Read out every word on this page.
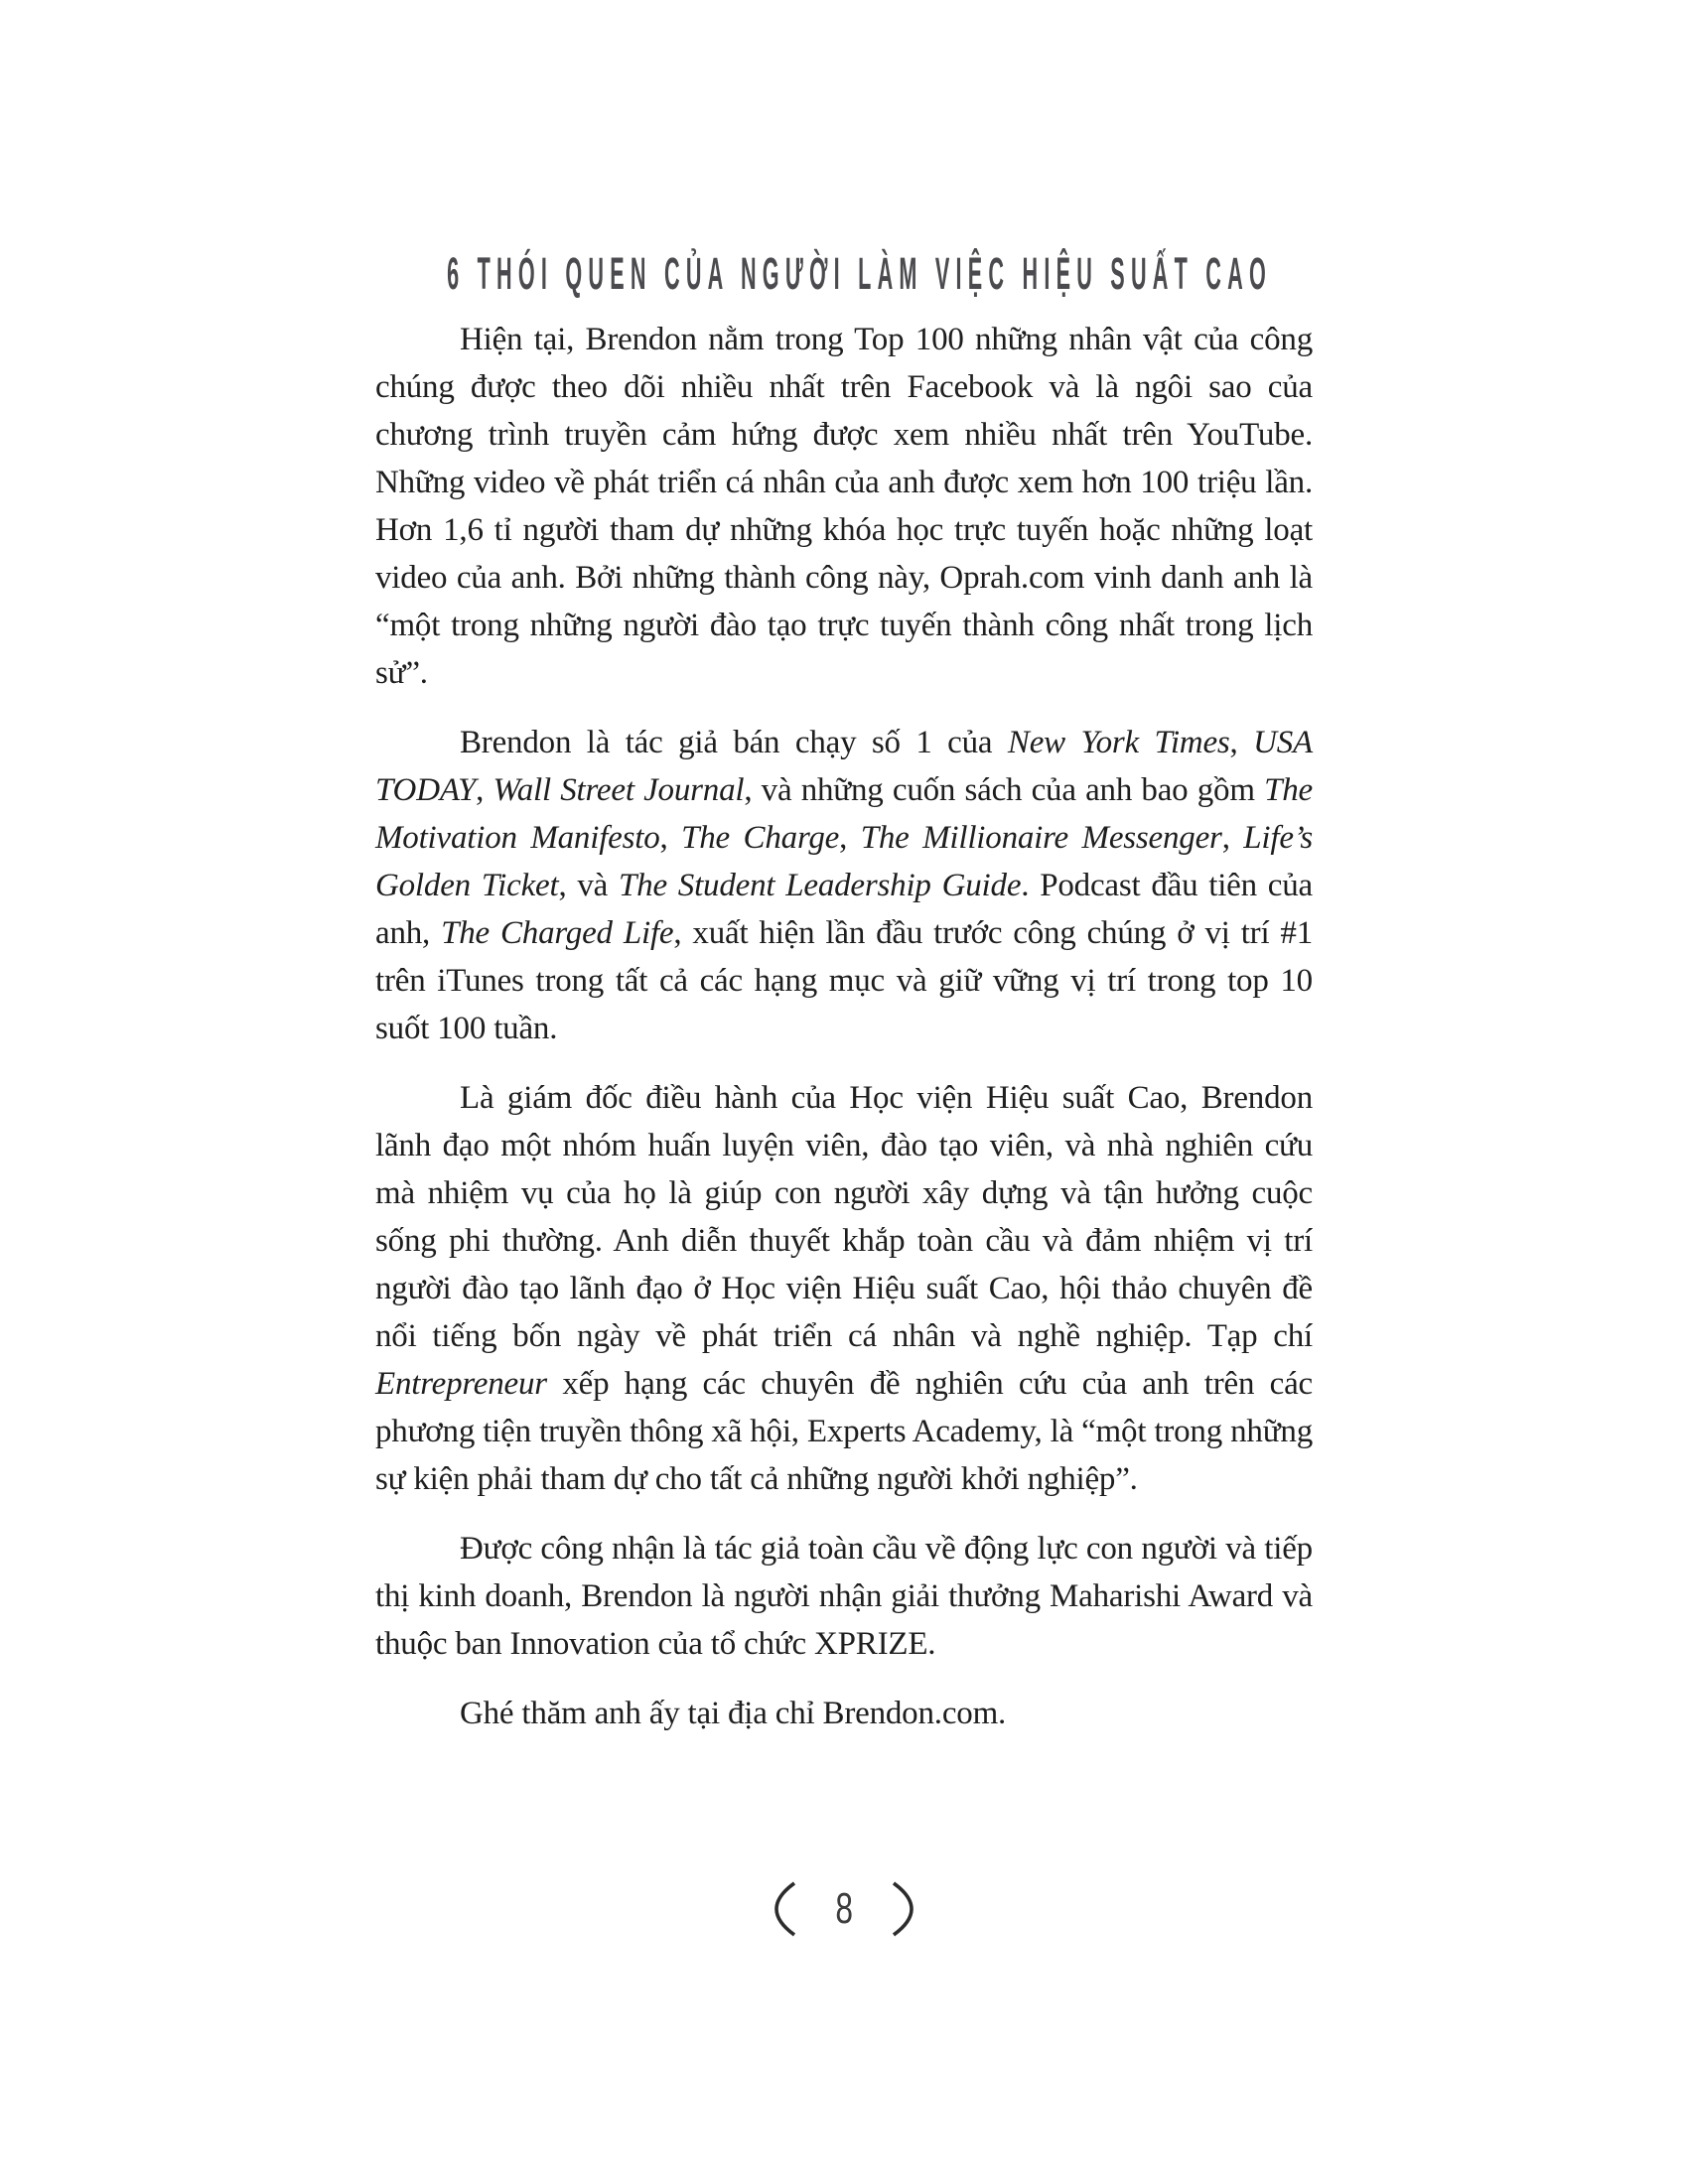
6 THÓI QUEN CỦA NGƯỜI LÀM VIỆC HIỆU SUẤT CAO

Hiện tại, Brendon nằm trong Top 100 những nhân vật của công chúng được theo dõi nhiều nhất trên Facebook và là ngôi sao của chương trình truyền cảm hứng được xem nhiều nhất trên YouTube. Những video về phát triển cá nhân của anh được xem hơn 100 triệu lần. Hơn 1,6 tỉ người tham dự những khóa học trực tuyến hoặc những loạt video của anh. Bởi những thành công này, Oprah.com vinh danh anh là “một trong những người đào tạo trực tuyến thành công nhất trong lịch sử”.

Brendon là tác giả bán chạy số 1 của New York Times, USA TODAY, Wall Street Journal, và những cuốn sách của anh bao gồm The Motivation Manifesto, The Charge, The Millionaire Messenger, Life’s Golden Ticket, và The Student Leadership Guide. Podcast đầu tiên của anh, The Charged Life, xuất hiện lần đầu trước công chúng ở vị trí #1 trên iTunes trong tất cả các hạng mục và giữ vững vị trí trong top 10 suốt 100 tuần.

Là giám đốc điều hành của Học viện Hiệu suất Cao, Brendon lãnh đạo một nhóm huấn luyện viên, đào tạo viên, và nhà nghiên cứu mà nhiệm vụ của họ là giúp con người xây dựng và tận hưởng cuộc sống phi thường. Anh diễn thuyết khắp toàn cầu và đảm nhiệm vị trí người đào tạo lãnh đạo ở Học viện Hiệu suất Cao, hội thảo chuyên đề nổi tiếng bốn ngày về phát triển cá nhân và nghề nghiệp. Tạp chí Entrepreneur xếp hạng các chuyên đề nghiên cứu của anh trên các phương tiện truyền thông xã hội, Experts Academy, là “một trong những sự kiện phải tham dự cho tất cả những người khởi nghiệp”.

Được công nhận là tác giả toàn cầu về động lực con người và tiếp thị kinh doanh, Brendon là người nhận giải thưởng Maharishi Award và thuộc ban Innovation của tổ chức XPRIZE.

Ghé thăm anh ấy tại địa chỉ Brendon.com.

8
